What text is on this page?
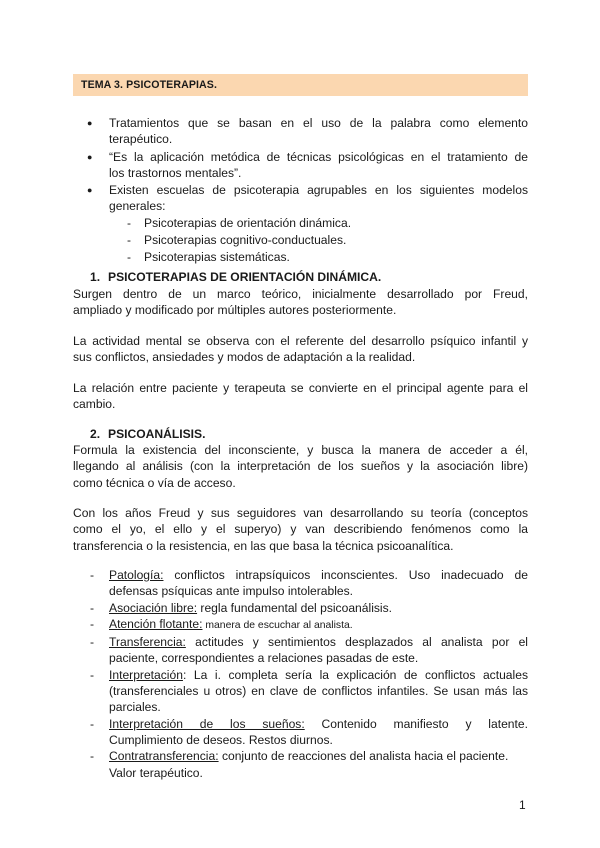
TEMA 3. PSICOTERAPIAS.
● Tratamientos que se basan en el uso de la palabra como elemento
terapéutico.
● “Es la aplicación metódica de técnicas psicológicas en el tratamiento de
los trastornos mentales”.
● Existen escuelas de psicoterapia agrupables en los siguientes modelos
generales:
- Psicoterapias de orientación dinámica.
- Psicoterapias cognitivo-conductuales.
- Psicoterapias sistemáticas.
1. PSICOTERAPIAS DE ORIENTACIÓN DINÁMICA.
Surgen dentro de un marco teórico, inicialmente desarrollado por Freud,
ampliado y modificado por múltiples autores posteriormente.
La actividad mental se observa con el referente del desarrollo psíquico infantil y
sus conflictos, ansiedades y modos de adaptación a la realidad.
La relación entre paciente y terapeuta se convierte en el principal agente para el
cambio.
2. PSICOANÁLISIS.
Formula la existencia del inconsciente, y busca la manera de acceder a él,
llegando al análisis (con la interpretación de los sueños y la asociación libre)
como técnica o vía de acceso.
Con los años Freud y sus seguidores van desarrollando su teoría (conceptos
como el yo, el ello y el superyo) y van describiendo fenómenos como la
transferencia o la resistencia, en las que basa la técnica psicoanalítica.
- Patología: conflictos intrapsíquicos inconscientes. Uso inadecuado de
defensas psíquicas ante impulso intolerables.
- Asociación libre: regla fundamental del psicoanálisis.
- Atención flotante: manera de escuchar al analista.
- Transferencia: actitudes y sentimientos desplazados al analista por el
paciente, correspondientes a relaciones pasadas de este.
- Interpretación: La i. completa sería la explicación de conflictos actuales
(transferenciales u otros) en clave de conflictos infantiles. Se usan más las
parciales.
- Interpretación de los sueños: Contenido manifiesto y latente.
Cumplimiento de deseos. Restos diurnos.
- Contratransferencia: conjunto de reacciones del analista hacia el paciente.
Valor terapéutico.
1
